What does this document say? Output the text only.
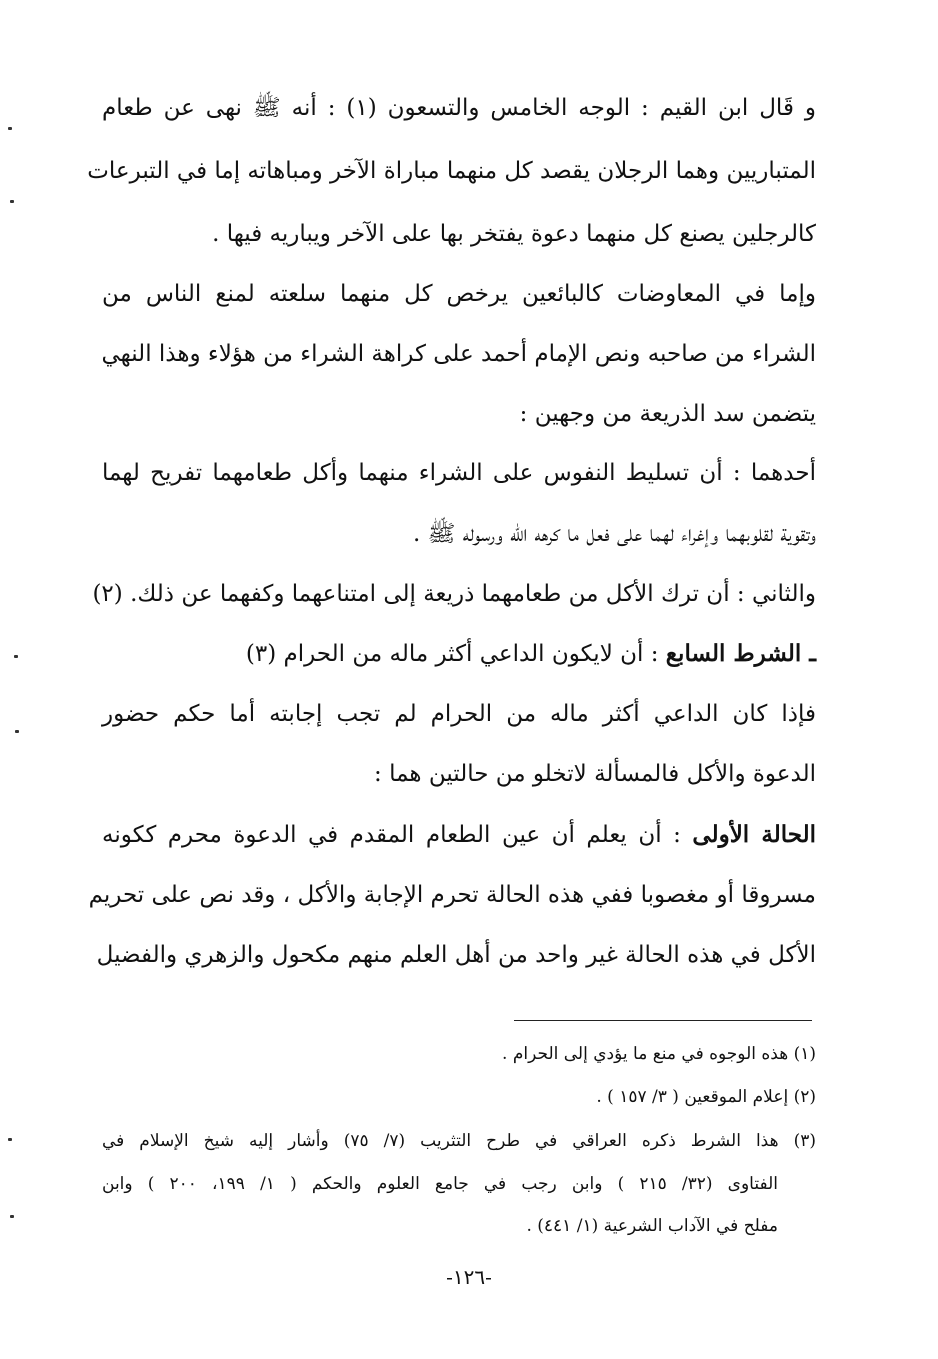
و قَال ابن القيم : الوجه الخامس والتسعون (١) : أنه ﷺ نهى عن طعام
المتباريين وهما الرجلان يقصد كل منهما مباراة الآخر ومباهاته إما في التبرعات
كالرجلين يصنع كل منهما دعوة يفتخر بها على الآخر ويباريه فيها .
وإما في المعاوضات كالبائعين يرخص كل منهما سلعته لمنع الناس من
الشراء من صاحبه ونص الإمام أحمد على كراهة الشراء من هؤلاء وهذا النهي
يتضمن سد الذريعة من وجهين :
أحدهما : أن تسليط النفوس على الشراء منهما وأكل طعامهما تفريح لهما
وتقوية لقلوبهما وإغراء لهما على فعل ما كرهه الله ورسوله ﷺ .
والثاني : أن ترك الأكل من طعامهما ذريعة إلى امتناعهما وكفهما عن ذلك. (٢)
ـ الشرط السابع : أن لايكون الداعي أكثر ماله من الحرام (٣)
فإذا كان الداعي أكثر ماله من الحرام لم تجب إجابته أما حكم حضور
الدعوة والأكل فالمسألة لاتخلو من حالتين هما :
الحالة الأولى : أن يعلم أن عين الطعام المقدم في الدعوة محرم ككونه
مسروقا أو مغصوبا ففي هذه الحالة تحرم الإجابة والأكل ، وقد نص على تحريم
الأكل في هذه الحالة غير واحد من أهل العلم منهم مكحول والزهري والفضيل
(١) هذه الوجوه في منع ما يؤدي إلى الحرام .
(٢) إعلام الموقعين ( ٣/ ١٥٧ ) .
(٣) هذا الشرط ذكره العراقي في طرح التثريب (٧/ ٧٥) وأشار إليه شيخ الإسلام في
الفتاوى (٣٢/ ٢١٥ ) وابن رجب في جامع العلوم والحكم ( ١/ ١٩٩، ٢٠٠ ) وابن
مفلح في الآداب الشرعية (١/ ٤٤١) .
-١٢٦-
